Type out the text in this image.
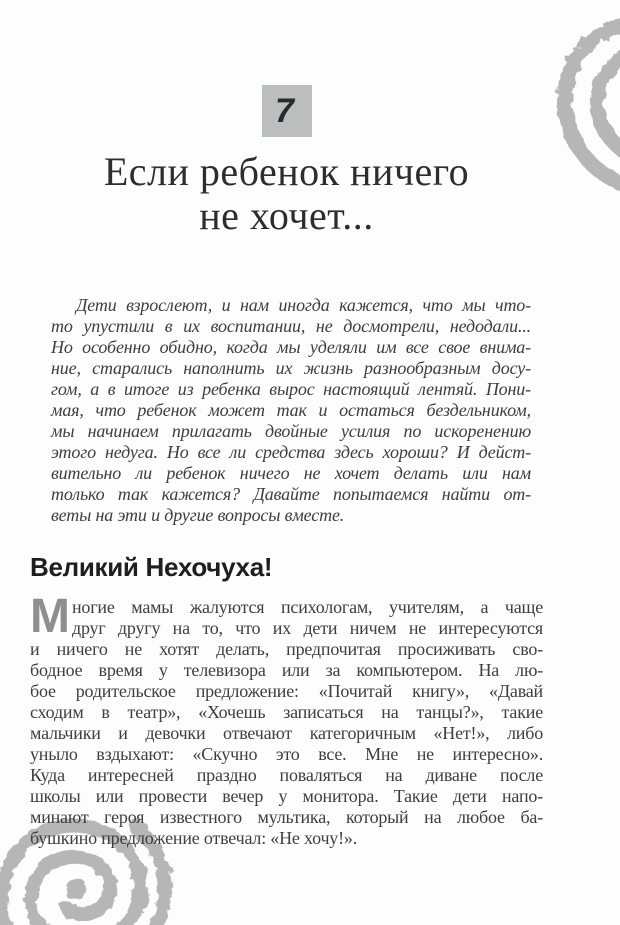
7
Если ребенок ничего
не хочет...
Дети взрослеют, и нам иногда кажется, что мы что-
то упустили в их воспитании, не досмотрели, недодали...
Но особенно обидно, когда мы уделяли им все свое внима-
ние, старались наполнить их жизнь разнообразным досу-
гом, а в итоге из ребенка вырос настоящий лентяй. Пони-
мая, что ребенок может так и остаться бездельником,
мы начинаем прилагать двойные усилия по искоренению
этого недуга. Но все ли средства здесь хороши? И дейст-
вительно ли ребенок ничего не хочет делать или нам
только так кажется? Давайте попытаемся найти от-
веты на эти и другие вопросы вместе.
Великий Нехочуха!
М ногие мамы жалуются психологам, учителям, а чаще
друг другу на то, что их дети ничем не интересуются
и ничего не хотят делать, предпочитая просиживать сво-
бодное время у телевизора или за компьютером. На лю-
бое родительское предложение: «Почитай книгу», «Давай
сходим в театр», «Хочешь записаться на танцы?», такие
мальчики и девочки отвечают категоричным «Нет!», либо
уныло вздыхают: «Скучно это все. Мне не интересно».
Куда интересней праздно поваляться на диване после
школы или провести вечер у монитора. Такие дети напо-
минают героя известного мультика, который на любое ба-
бушкино предложение отвечал: «Не хочу!».
